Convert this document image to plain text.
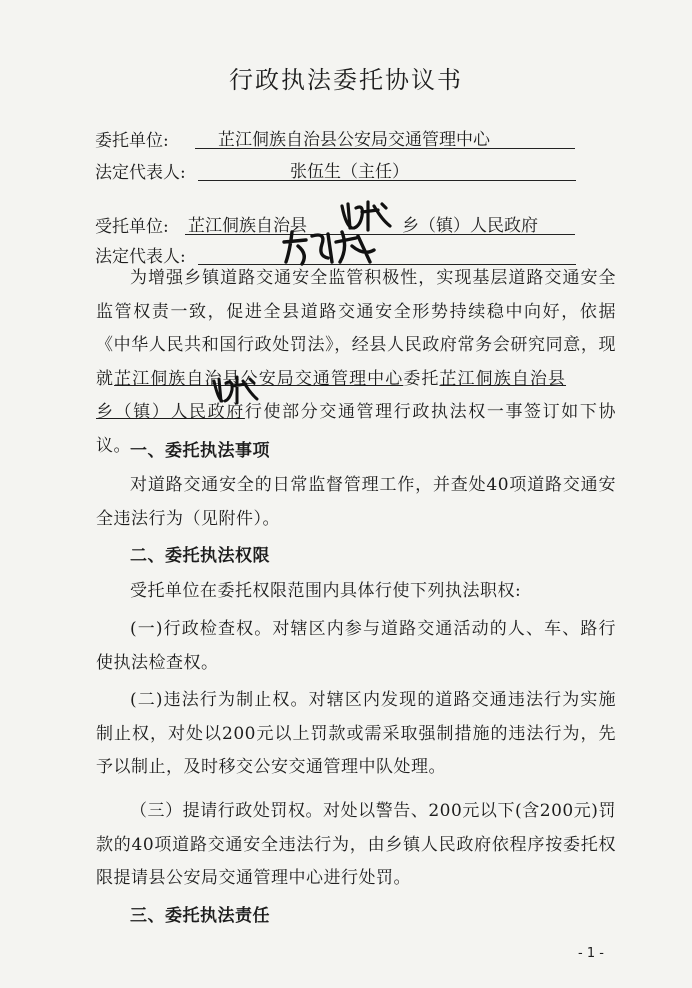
行政执法委托协议书
委托单位:	芷江侗族自治县公安局交通管理中心
法定代表人:	张伍生（主任）
受托单位: 芷江侗族自治县	乡（镇）人民政府
法定代表人:

为增强乡镇道路交通安全监管积极性，实现基层道路交通安全监管权责一致，促进全县道路交通安全形势持续稳中向好，依据《中华人民共和国行政处罚法》，经县人民政府常务会研究同意，现就芷江侗族自治县公安局交通管理中心委托芷江侗族自治县乡（镇）人民政府行使部分交通管理行政执法权一事签订如下协议。 一、委托执法事项

对道路交通安全的日常监督管理工作，并查处40项道路交通安全违法行为（见附件）。

二、委托执法权限

受托单位在委托权限范围内具体行使下列执法职权:

(一)行政检查权。对辖区内参与道路交通活动的人、车、路行使执法检查权。

(二)违法行为制止权。对辖区内发现的道路交通违法行为实施制止权，对处以200元以上罚款或需采取强制措施的违法行为，先予以制止，及时移交公安交通管理中队处理。

（三）提请行政处罚权。对处以警告、200元以下(含200元)罚款的40项道路交通安全违法行为，由乡镇人民政府依程序按委托权限提请县公安局交通管理中心进行处罚。

三、委托执法责任

- 1 -
